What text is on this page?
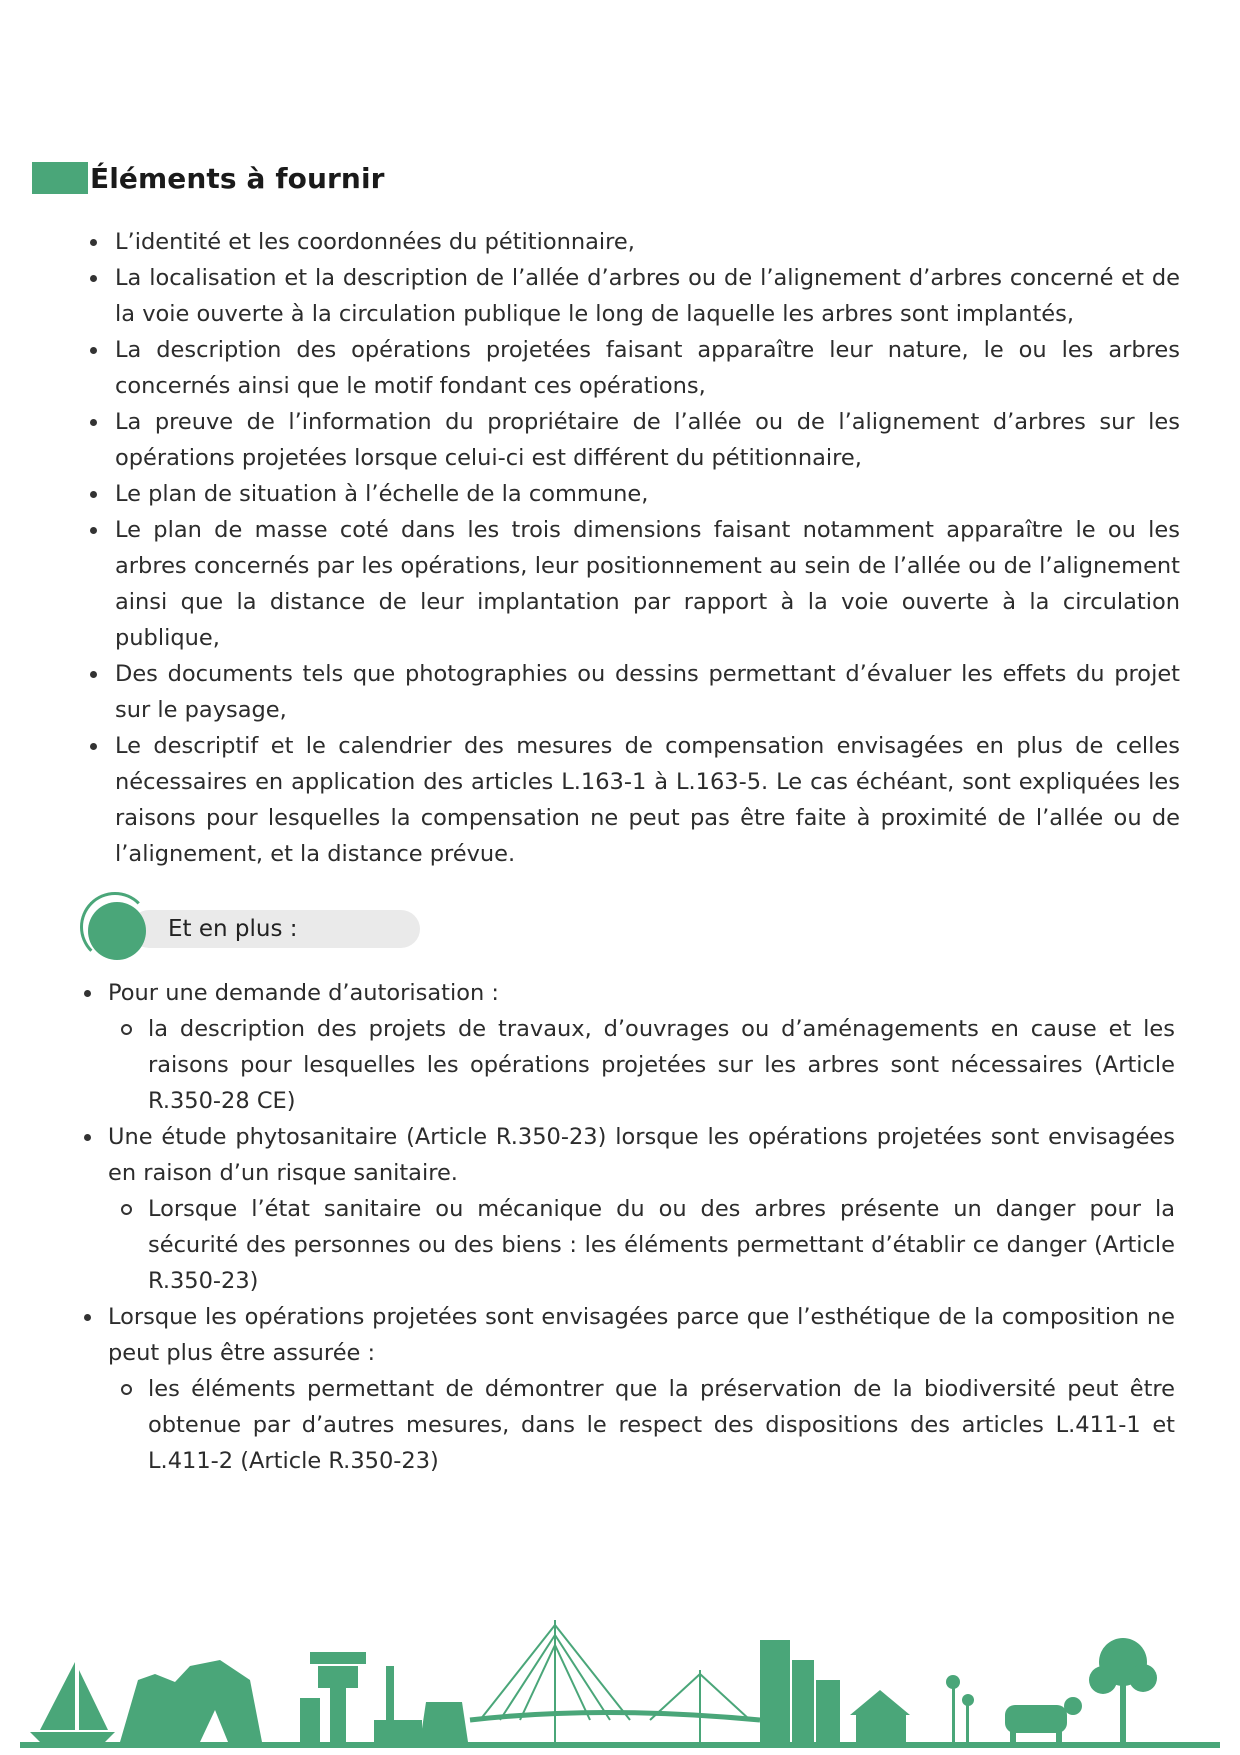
Éléments à fournir
L’identité et les coordonnées du pétitionnaire,
La localisation et la description de l’allée d’arbres ou de l’alignement d’arbres concerné et de la voie ouverte à la circulation publique le long de laquelle les arbres sont implantés,
La description des opérations projetées faisant apparaître leur nature, le ou les arbres concernés ainsi que le motif fondant ces opérations,
La preuve de l’information du propriétaire de l’allée ou de l’alignement d’arbres sur les opérations projetées lorsque celui-ci est différent du pétitionnaire,
Le plan de situation à l’échelle de la commune,
Le plan de masse coté dans les trois dimensions faisant notamment apparaître le ou les arbres concernés par les opérations, leur positionnement au sein de l’allée ou de l’alignement ainsi que la distance de leur implantation par rapport à la voie ouverte à la circulation publique,
Des documents tels que photographies ou dessins permettant d’évaluer les effets du projet sur le paysage,
Le descriptif et le calendrier des mesures de compensation envisagées en plus de celles nécessaires en application des articles L.163-1 à L.163-5. Le cas échéant, sont expliquées les raisons pour lesquelles la compensation ne peut pas être faite à proximité de l’allée ou de l’alignement, et la distance prévue.
Et en plus :
Pour une demande d’autorisation :
la description des projets de travaux, d’ouvrages ou d’aménagements en cause et les raisons pour lesquelles les opérations projetées sur les arbres sont nécessaires (Article R.350-28 CE)
Une étude phytosanitaire (Article R.350-23) lorsque les opérations projetées sont envisagées en raison d’un risque sanitaire.
Lorsque l’état sanitaire ou mécanique du ou des arbres présente un danger pour la sécurité des personnes ou des biens : les éléments permettant d’établir ce danger (Article R.350-23)
Lorsque les opérations projetées sont envisagées parce que l’esthétique de la composition ne peut plus être assurée :
les éléments permettant de démontrer que la préservation de la biodiversité peut être obtenue par d’autres mesures, dans le respect des dispositions des articles L.411-1 et L.411-2 (Article R.350-23)
